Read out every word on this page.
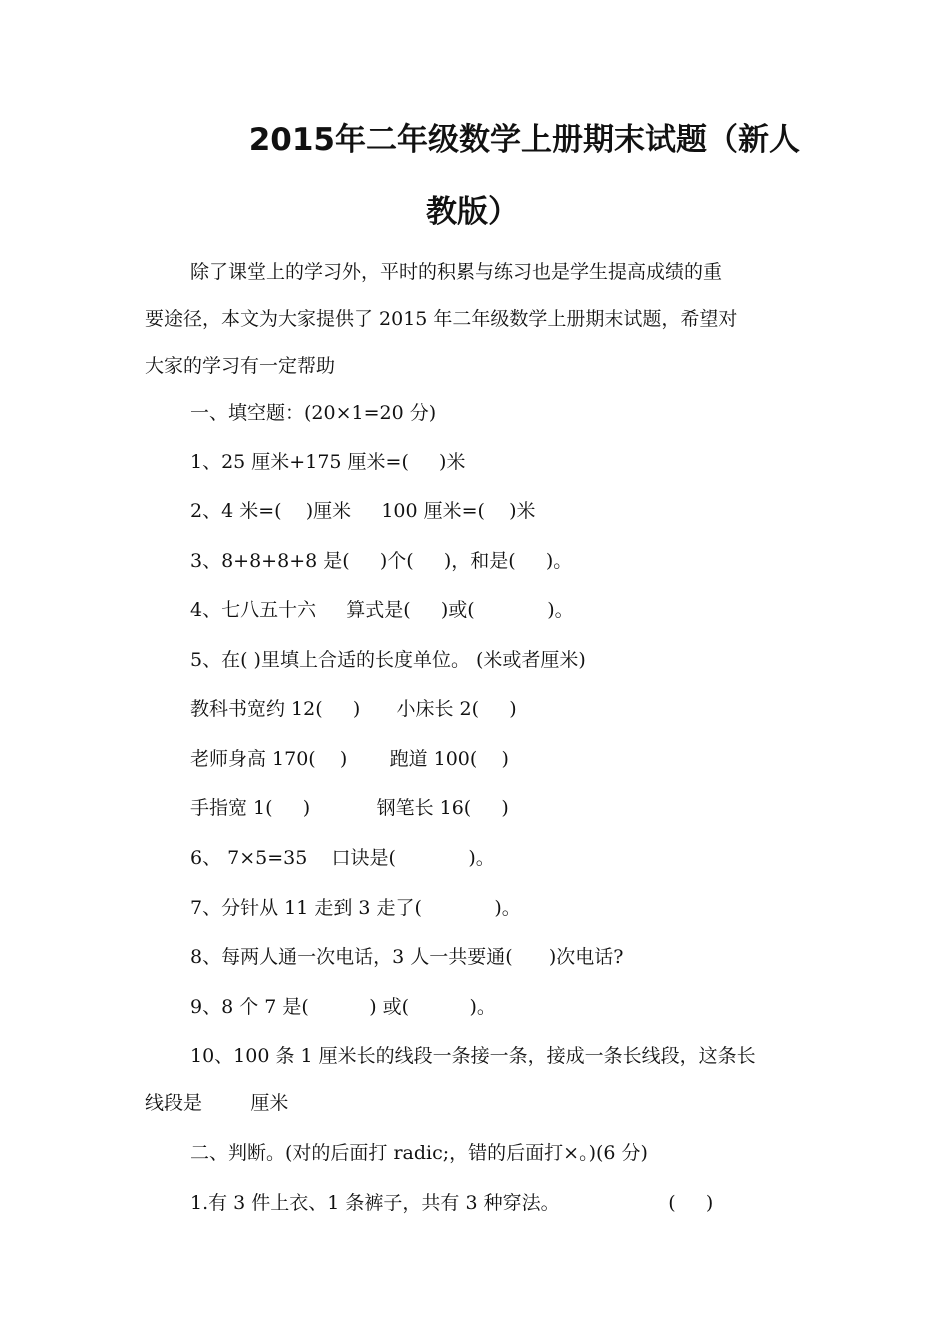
2015年二年级数学上册期末试题（新人
教版）
除了课堂上的学习外，平时的积累与练习也是学生提高成绩的重
要途径，本文为大家提供了 2015 年二年级数学上册期末试题，希望对
大家的学习有一定帮助
一、填空题：(20×1=20 分)
1、25 厘米+175 厘米=(     )米
2、4 米=(    )厘米     100 厘米=(    )米
3、8+8+8+8 是(     )个(     )，和是(     )。
4、七八五十六     算式是(     )或(            )。
5、在( )里填上合适的长度单位。 (米或者厘米)
教科书宽约 12(     )      小床长 2(     )
老师身高 170(    )       跑道 100(    )
手指宽 1(     )           钢笔长 16(     )
6、 7×5=35    口诀是(            )。
7、分针从 11 走到 3 走了(            )。
8、每两人通一次电话，3 人一共要通(      )次电话?
9、8 个 7 是(          ) 或(          )。
10、100 条 1 厘米长的线段一条接一条，接成一条长线段，这条长
线段是        厘米
二、判断。(对的后面打 radic;，错的后面打×。)(6 分)
1.有 3 件上衣、1 条裤子，共有 3 种穿法。                  (     )
